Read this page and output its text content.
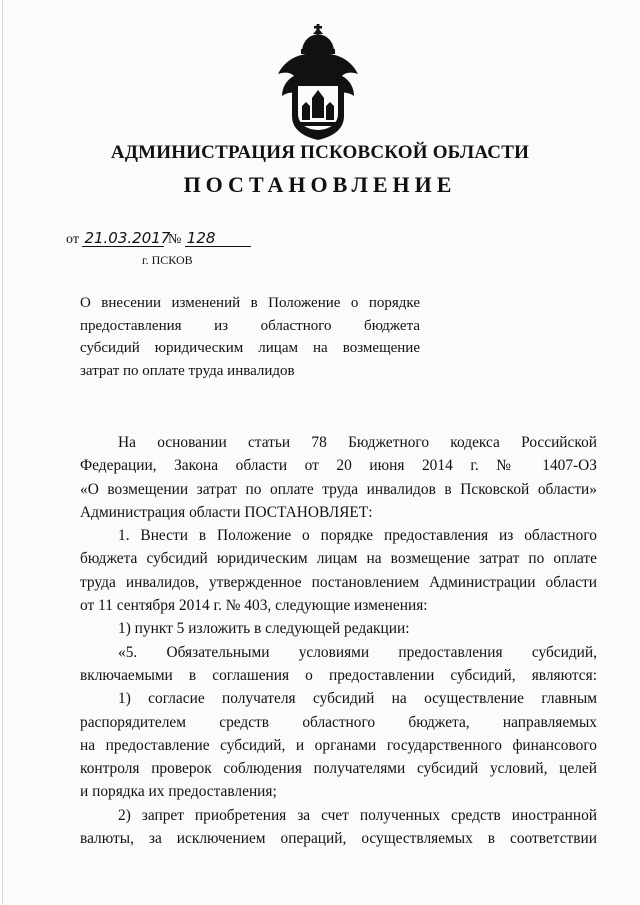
АДМИНИСТРАЦИЯ ПСКОВСКОЙ ОБЛАСТИ
ПОСТАНОВЛЕНИЕ
от 21.03.2017 № 128
г. ПСКОВ
О внесении изменений в Положение о порядке
предоставления из областного бюджета
субсидий юридическим лицам на возмещение
затрат по оплате труда инвалидов
На основании статьи 78 Бюджетного кодекса Российской
Федерации, Закона области от 20 июня 2014 г. № 1407-ОЗ
«О возмещении затрат по оплате труда инвалидов в Псковской области»
Администрация области ПОСТАНОВЛЯЕТ:
1. Внести в Положение о порядке предоставления из областного
бюджета субсидий юридическим лицам на возмещение затрат по оплате
труда инвалидов, утвержденное постановлением Администрации области
от 11 сентября 2014 г. № 403, следующие изменения:
1) пункт 5 изложить в следующей редакции:
«5. Обязательными условиями предоставления субсидий,
включаемыми в соглашения о предоставлении субсидий, являются:
1) согласие получателя субсидий на осуществление главным
распорядителем средств областного бюджета, направляемых
на предоставление субсидий, и органами государственного финансового
контроля проверок соблюдения получателями субсидий условий, целей
и порядка их предоставления;
2) запрет приобретения за счет полученных средств иностранной
валюты, за исключением операций, осуществляемых в соответствии
